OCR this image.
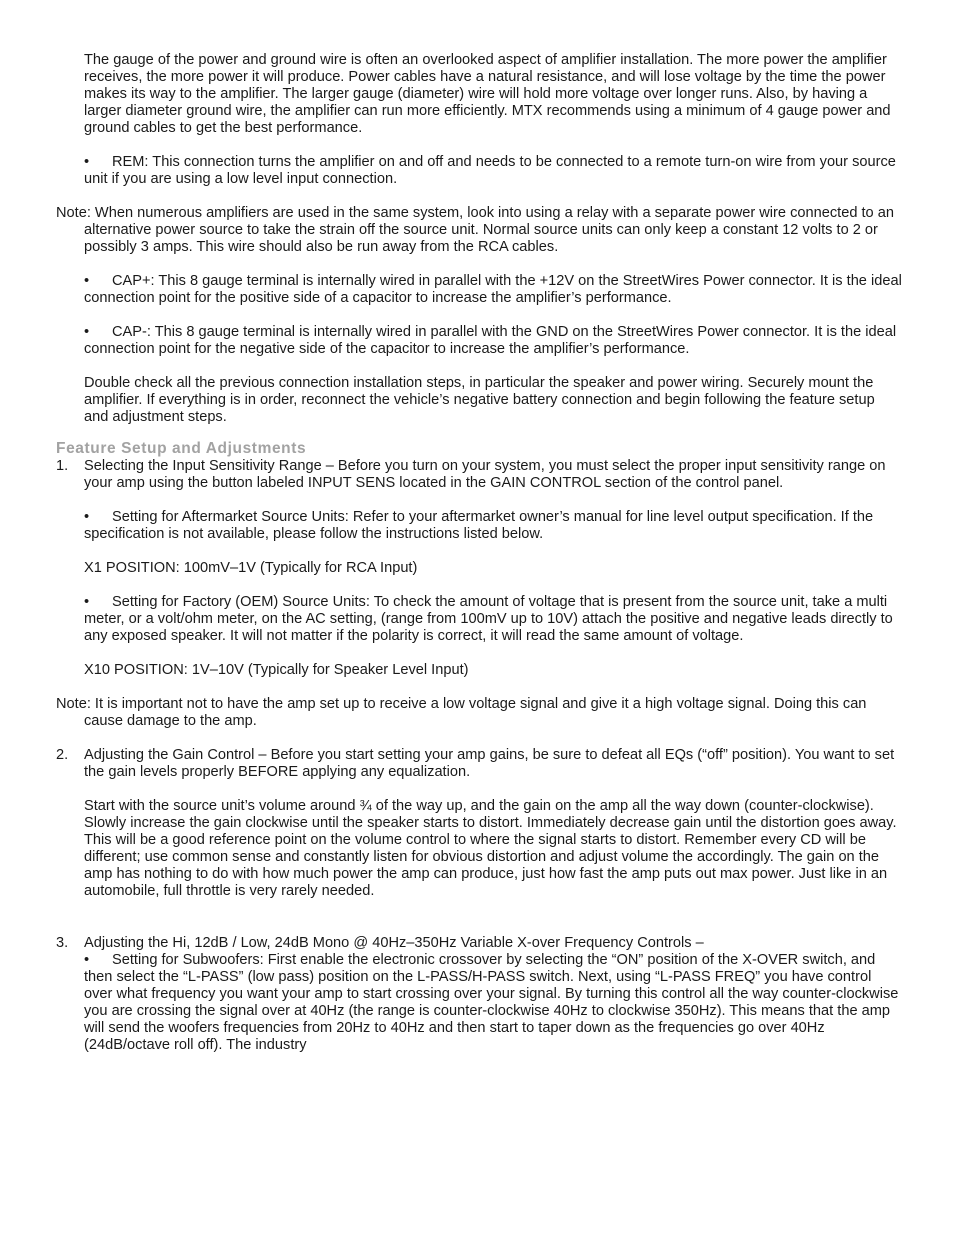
The gauge of the power and ground wire is often an overlooked aspect of amplifier installation. The more power the amplifier receives, the more power it will produce. Power cables have a natural resistance, and will lose voltage by the time the power makes its way to the amplifier. The larger gauge (diameter) wire will hold more voltage over longer runs. Also, by having a larger diameter ground wire, the amplifier can run more efficiently. MTX recommends using a minimum of 4 gauge power and ground cables to get the best performance.

• REM: This connection turns the amplifier on and off and needs to be connected to a remote turn-on wire from your source unit if you are using a low level input connection.

Note: When numerous amplifiers are used in the same system, look into using a relay with a separate power wire connected to an alternative power source to take the strain off the source unit. Normal source units can only keep a constant 12 volts to 2 or possibly 3 amps. This wire should also be run away from the RCA cables.

• CAP+: This 8 gauge terminal is internally wired in parallel with the +12V on the StreetWires Power connector. It is the ideal connection point for the positive side of a capacitor to increase the amplifier’s performance.

• CAP-: This 8 gauge terminal is internally wired in parallel with the GND on the StreetWires Power connector. It is the ideal connection point for the negative side of the capacitor to increase the amplifier’s performance.

Double check all the previous connection installation steps, in particular the speaker and power wiring. Securely mount the amplifier. If everything is in order, reconnect the vehicle’s negative battery connection and begin following the feature setup and adjustment steps.

Feature Setup and Adjustments

1. Selecting the Input Sensitivity Range – Before you turn on your system, you must select the proper input sensitivity range on your amp using the button labeled INPUT SENS located in the GAIN CONTROL section of the control panel.

• Setting for Aftermarket Source Units: Refer to your aftermarket owner’s manual for line level output specification. If the specification is not available, please follow the instructions listed below.

X1 POSITION: 100mV–1V (Typically for RCA Input)

• Setting for Factory (OEM) Source Units: To check the amount of voltage that is present from the source unit, take a multi meter, or a volt/ohm meter, on the AC setting, (range from 100mV up to 10V) attach the positive and negative leads directly to any exposed speaker. It will not matter if the polarity is correct, it will read the same amount of voltage.

X10 POSITION: 1V–10V (Typically for Speaker Level Input)

Note: It is important not to have the amp set up to receive a low voltage signal and give it a high voltage signal. Doing this can cause damage to the amp.

2. Adjusting the Gain Control – Before you start setting your amp gains, be sure to defeat all EQs (“off” position). You want to set the gain levels properly BEFORE applying any equalization.

Start with the source unit’s volume around ¾ of the way up, and the gain on the amp all the way down (counter-clockwise). Slowly increase the gain clockwise until the speaker starts to distort. Immediately decrease gain until the distortion goes away. This will be a good reference point on the volume control to where the signal starts to distort. Remember every CD will be different; use common sense and constantly listen for obvious distortion and adjust volume the accordingly. The gain on the amp has nothing to do with how much power the amp can produce, just how fast the amp puts out max power. Just like in an automobile, full throttle is very rarely needed.

3. Adjusting the Hi, 12dB / Low, 24dB Mono @ 40Hz–350Hz Variable X-over Frequency Controls –

• Setting for Subwoofers: First enable the electronic crossover by selecting the “ON” position of the X-OVER switch, and then select the “L-PASS” (low pass) position on the L-PASS/H-PASS switch. Next, using “L-PASS FREQ” you have control over what frequency you want your amp to start crossing over your signal. By turning this control all the way counter-clockwise you are crossing the signal over at 40Hz (the range is counter-clockwise 40Hz to clockwise 350Hz). This means that the amp will send the woofers frequencies from 20Hz to 40Hz and then start to taper down as the frequencies go over 40Hz (24dB/octave roll off). The industry
